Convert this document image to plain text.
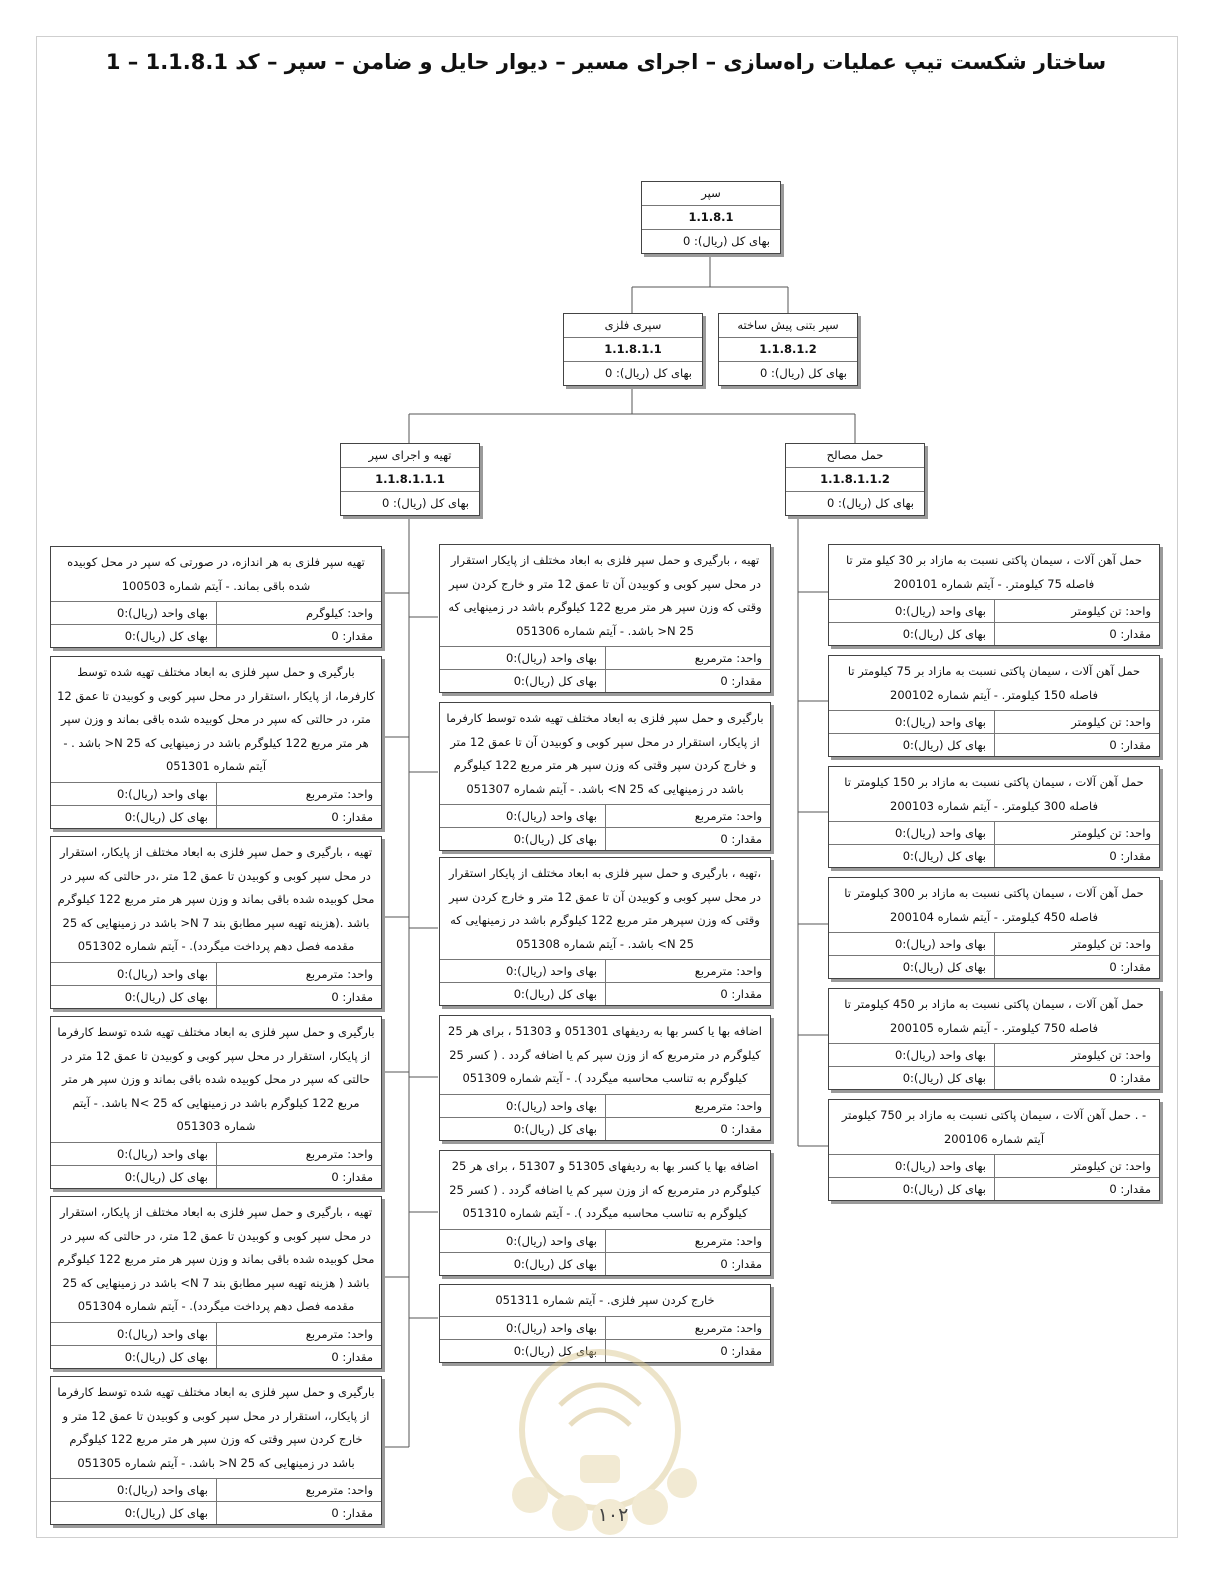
ساختار شکست تیپ عملیات راه‌سازی – اجرای مسیر – دیوار حایل و ضامن – سپر – کد 1.1.8.1 – 1
سپر
1.1.8.1
بهای کل (ریال): 0
سپری فلزی
1.1.8.1.1
بهای کل (ریال): 0
سپر بتنی پیش ساخته
1.1.8.1.2
بهای کل (ریال): 0
تهیه و اجرای سپر
1.1.8.1.1.1
بهای کل (ریال): 0
حمل مصالح
1.1.8.1.1.2
بهای کل (ریال): 0
تهیه سپر فلزی به هر اندازه، در صورتی که سپر در محل کوبیده شده باقی بماند. - آیتم شماره 100503
واحد: کیلوگرم
بهای واحد (ریال):0
مقدار: 0
بهای کل (ریال):0
بارگیری و حمل سپر فلزی به ابعاد مختلف تهیه شده توسط کارفرما، از پایکار ،استقرار در محل سپر کوبی و کوبیدن تا عمق 12 متر، در حالتی که سپر در محل کوبیده شده باقی بماند و وزن سپر هر متر مربع 122 کیلوگرم باشد در زمینهایی که 25 N< باشد . - آیتم شماره 051301
واحد: مترمربع
بهای واحد (ریال):0
مقدار: 0
بهای کل (ریال):0
تهیه ، بارگیری و حمل سپر فلزی به ابعاد مختلف از پایکار، استقرار در محل سپر کوبی و کوبیدن تا عمق 12 متر ،در حالتی که سپر در محل کوبیده شده باقی بماند و وزن سپر هر متر مربع 122 کیلوگرم باشد .(هزینه تهیه سپر مطابق بند 7 N< باشد در زمینهایی که 25 مقدمه فصل دهم پرداخت میگردد). - آیتم شماره 051302
واحد: مترمربع
بهای واحد (ریال):0
مقدار: 0
بهای کل (ریال):0
بارگیری و حمل سپر فلزی به ابعاد مختلف تهیه شده توسط کارفرما از پایکار، استقرار در محل سپر کوبی و کوبیدن تا عمق 12 متر در حالتی که سپر در محل کوبیده شده باقی بماند و وزن سپر هر متر مربع 122 کیلوگرم باشد در زمینهایی که 25 >N باشد. - آیتم شماره 051303
واحد: مترمربع
بهای واحد (ریال):0
مقدار: 0
بهای کل (ریال):0
تهیه ، بارگیری و حمل سپر فلزی به ابعاد مختلف از پایکار، استقرار در محل سپر کوبی و کوبیدن تا عمق 12 متر، در حالتی که سپر در محل کوبیده شده باقی بماند و وزن سپر هر متر مربع 122 کیلوگرم باشد ( هزینه تهیه سپر مطابق بند 7 N> باشد در زمینهایی که 25 مقدمه فصل دهم پرداخت میگردد). - آیتم شماره 051304
واحد: مترمربع
بهای واحد (ریال):0
مقدار: 0
بهای کل (ریال):0
بارگیری و حمل سپر فلزی به ابعاد مختلف تهیه شده توسط کارفرما از پایکار،، استقرار در محل سپر کوبی و کوبیدن تا عمق 12 متر و خارج کردن سپر وقتی که وزن سپر هر متر مربع 122 کیلوگرم باشد در زمینهایی که 25 N< باشد. - آیتم شماره 051305
واحد: مترمربع
بهای واحد (ریال):0
مقدار: 0
بهای کل (ریال):0
تهیه ، بارگیری و حمل سپر فلزی به ابعاد مختلف از پایکار استقرار در محل سپر کوبی و کوبیدن آن تا عمق 12 متر و خارج کردن سپر وقتی که وزن سپر هر متر مربع 122 کیلوگرم باشد در زمینهایی که 25 N< باشد. - آیتم شماره 051306
واحد: مترمربع
بهای واحد (ریال):0
مقدار: 0
بهای کل (ریال):0
بارگیری و حمل سپر فلزی به ابعاد مختلف تهیه شده توسط کارفرما از پایکار، استقرار در محل سپر کوبی و کوبیدن آن تا عمق 12 متر و خارج کردن سپر وقتی که وزن سپر هر متر مربع 122 کیلوگرم باشد در زمینهایی که 25 N> باشد. - آیتم شماره 051307
واحد: مترمربع
بهای واحد (ریال):0
مقدار: 0
بهای کل (ریال):0
،تهیه ، بارگیری و حمل سپر فلزی به ابعاد مختلف از پایکار استقرار در محل سپر کوبی و کوبیدن آن تا عمق 12 متر و خارج کردن سپر وقتی که وزن سپرهر متر مربع 122 کیلوگرم باشد در زمینهایی که 25 N> باشد. - آیتم شماره 051308
واحد: مترمربع
بهای واحد (ریال):0
مقدار: 0
بهای کل (ریال):0
اضافه بها یا کسر بها به ردیفهای 051301 و 51303 ، برای هر 25 کیلوگرم در مترمربع که از وزن سپر کم یا اضافه گردد . ( کسر 25 کیلوگرم به تناسب محاسبه میگردد ). - آیتم شماره 051309
واحد: مترمربع
بهای واحد (ریال):0
مقدار: 0
بهای کل (ریال):0
اضافه بها یا کسر بها به ردیفهای 51305 و 51307 ، برای هر 25 کیلوگرم در مترمربع که از وزن سپر کم یا اضافه گردد . ( کسر 25 کیلوگرم به تناسب محاسبه میگردد ). - آیتم شماره 051310
واحد: مترمربع
بهای واحد (ریال):0
مقدار: 0
بهای کل (ریال):0
خارج کردن سپر فلزی. - آیتم شماره 051311
واحد: مترمربع
بهای واحد (ریال):0
مقدار: 0
بهای کل (ریال):0
حمل آهن آلات ، سیمان پاکتی نسبت به مازاد بر 30 کیلو متر تا فاصله 75 کیلومتر. - آیتم شماره 200101
واحد: تن کیلومتر
بهای واحد (ریال):0
مقدار: 0
بهای کل (ریال):0
حمل آهن آلات ، سیمان پاکتی نسبت به مازاد بر 75 کیلومتر تا فاصله 150 کیلومتر. - آیتم شماره 200102
واحد: تن کیلومتر
بهای واحد (ریال):0
مقدار: 0
بهای کل (ریال):0
حمل آهن آلات ، سیمان پاکتی نسبت به مازاد بر 150 کیلومتر تا فاصله 300 کیلومتر. - آیتم شماره 200103
واحد: تن کیلومتر
بهای واحد (ریال):0
مقدار: 0
بهای کل (ریال):0
حمل آهن آلات ، سیمان پاکتی نسبت به مازاد بر 300 کیلومتر تا فاصله 450 کیلومتر. - آیتم شماره 200104
واحد: تن کیلومتر
بهای واحد (ریال):0
مقدار: 0
بهای کل (ریال):0
حمل آهن آلات ، سیمان پاکتی نسبت به مازاد بر 450 کیلومتر تا فاصله 750 کیلومتر. - آیتم شماره 200105
واحد: تن کیلومتر
بهای واحد (ریال):0
مقدار: 0
بهای کل (ریال):0
- . حمل آهن آلات ، سیمان پاکتی نسبت به مازاد بر 750 کیلومتر آیتم شماره 200106
واحد: تن کیلومتر
بهای واحد (ریال):0
مقدار: 0
بهای کل (ریال):0
۱۰۲
